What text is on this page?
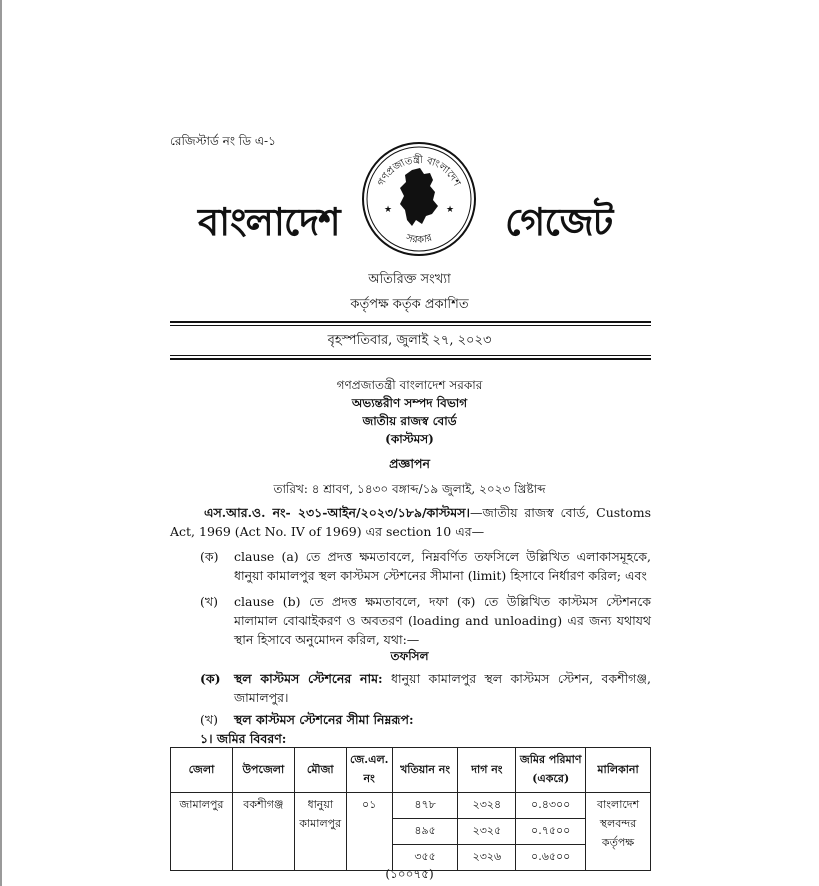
রেজিস্টার্ড নং ডি এ-১
বাংলাদেশ
গণপ্রজাতন্ত্রী বাংলাদেশ
সরকার
★	★ গেজেট
অতিরিক্ত সংখ্যা
কর্তৃপক্ষ কর্তৃক প্রকাশিত
বৃহস্পতিবার, জুলাই ২৭, ২০২৩
গণপ্রজাতন্ত্রী বাংলাদেশ সরকার
অভ্যন্তরীণ সম্পদ বিভাগ
জাতীয় রাজস্ব বোর্ড
(কাস্টমস)
প্রজ্ঞাপন
তারিখ: ৪ শ্রাবণ, ১৪৩০ বঙ্গাব্দ/১৯ জুলাই, ২০২৩ খ্রিষ্টাব্দ
এস.আর.ও. নং- ২৩১-আইন/২০২৩/১৮৯/কাস্টমস।—জাতীয় রাজস্ব বোর্ড, Customs Act, 1969 (Act No. IV of 1969) এর section 10 এর—
(ক) clause (a) তে প্রদত্ত ক্ষমতাবলে, নিম্নবর্ণিত তফসিলে উল্লিখিত এলাকাসমূহকে, ধানুয়া কামালপুর স্থল কাস্টমস স্টেশনের সীমানা (limit) হিসাবে নির্ধারণ করিল; এবং
(খ) clause (b) তে প্রদত্ত ক্ষমতাবলে, দফা (ক) তে উল্লিখিত কাস্টমস স্টেশনকে মালামাল বোঝাইকরণ ও অবতরণ (loading and unloading) এর জন্য যথাযথ স্থান হিসাবে অনুমোদন করিল, যথা:—
তফসিল
(ক) স্থল কাস্টমস স্টেশনের নাম: ধানুয়া কামালপুর স্থল কাস্টমস স্টেশন, বকশীগঞ্জ, জামালপুর।
(খ) স্থল কাস্টমস স্টেশনের সীমা নিম্নরূপ:
১। জমির বিবরণ:
জেলা	উপজেলা	মৌজা	জে.এল. নং	খতিয়ান নং	দাগ নং	জমির পরিমাণ (একরে)	মালিকানা
জামালপুর	বকশীগঞ্জ	ধানুয়া কামালপুর	০১	৪৭৮	২৩২৪	০.৪৩০০	বাংলাদেশ স্থলবন্দর কর্তৃপক্ষ
				৪৯৫	২৩২৫	০.৭৫০০	
				৩৫৫	২৩২৬	০.৬৫০০	
(১০০৭৫)
